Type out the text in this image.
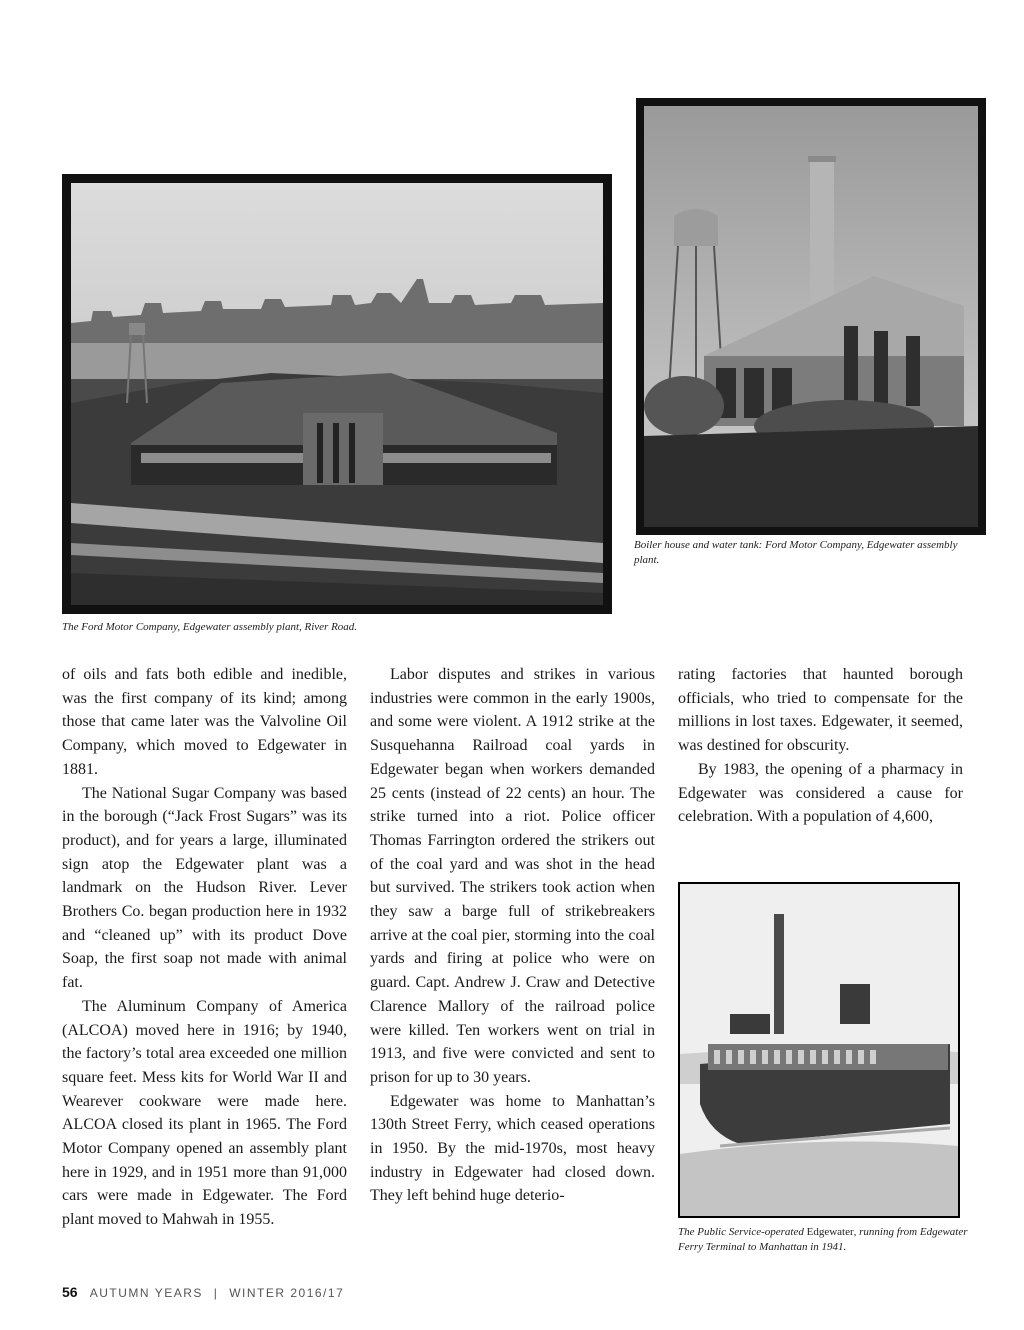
The Ford Motor Company, Edgewater assembly plant, River Road.

Boiler house and water tank: Ford Motor Company, Edgewater assembly plant.

The Public Service-operated Edgewater, running from Edgewater Ferry Terminal to Manhattan in 1941.

of oils and fats both edible and inedible, was the first company of its kind; among those that came later was the Valvoline Oil Company, which moved to Edgewater in 1881.

The National Sugar Company was based in the borough (“Jack Frost Sugars” was its product), and for years a large, illuminated sign atop the Edgewater plant was a landmark on the Hudson River. Lever Brothers Co. began production here in 1932 and “cleaned up” with its product Dove Soap, the first soap not made with animal fat.

The Aluminum Company of America (ALCOA) moved here in 1916; by 1940, the factory’s total area exceeded one million square feet. Mess kits for World War II and Wearever cookware were made here. ALCOA closed its plant in 1965. The Ford Motor Company opened an assembly plant here in 1929, and in 1951 more than 91,000 cars were made in Edgewater. The Ford plant moved to Mahwah in 1955.

Labor disputes and strikes in various industries were common in the early 1900s, and some were violent. A 1912 strike at the Susquehanna Railroad coal yards in Edgewater began when workers demanded 25 cents (instead of 22 cents) an hour. The strike turned into a riot. Police officer Thomas Farrington ordered the strikers out of the coal yard and was shot in the head but survived. The strikers took action when they saw a barge full of strikebreakers arrive at the coal pier, storming into the coal yards and firing at police who were on guard. Capt. Andrew J. Craw and Detective Clarence Mallory of the railroad police were killed. Ten workers went on trial in 1913, and five were convicted and sent to prison for up to 30 years.

Edgewater was home to Manhattan’s 130th Street Ferry, which ceased operations in 1950. By the mid-1970s, most heavy industry in Edgewater had closed down. They left behind huge deterio-

rating factories that haunted borough officials, who tried to compensate for the millions in lost taxes. Edgewater, it seemed, was destined for obscurity.

By 1983, the opening of a pharmacy in Edgewater was considered a cause for celebration. With a population of 4,600,

56 AUTUMN YEARS | WINTER 2016/17
